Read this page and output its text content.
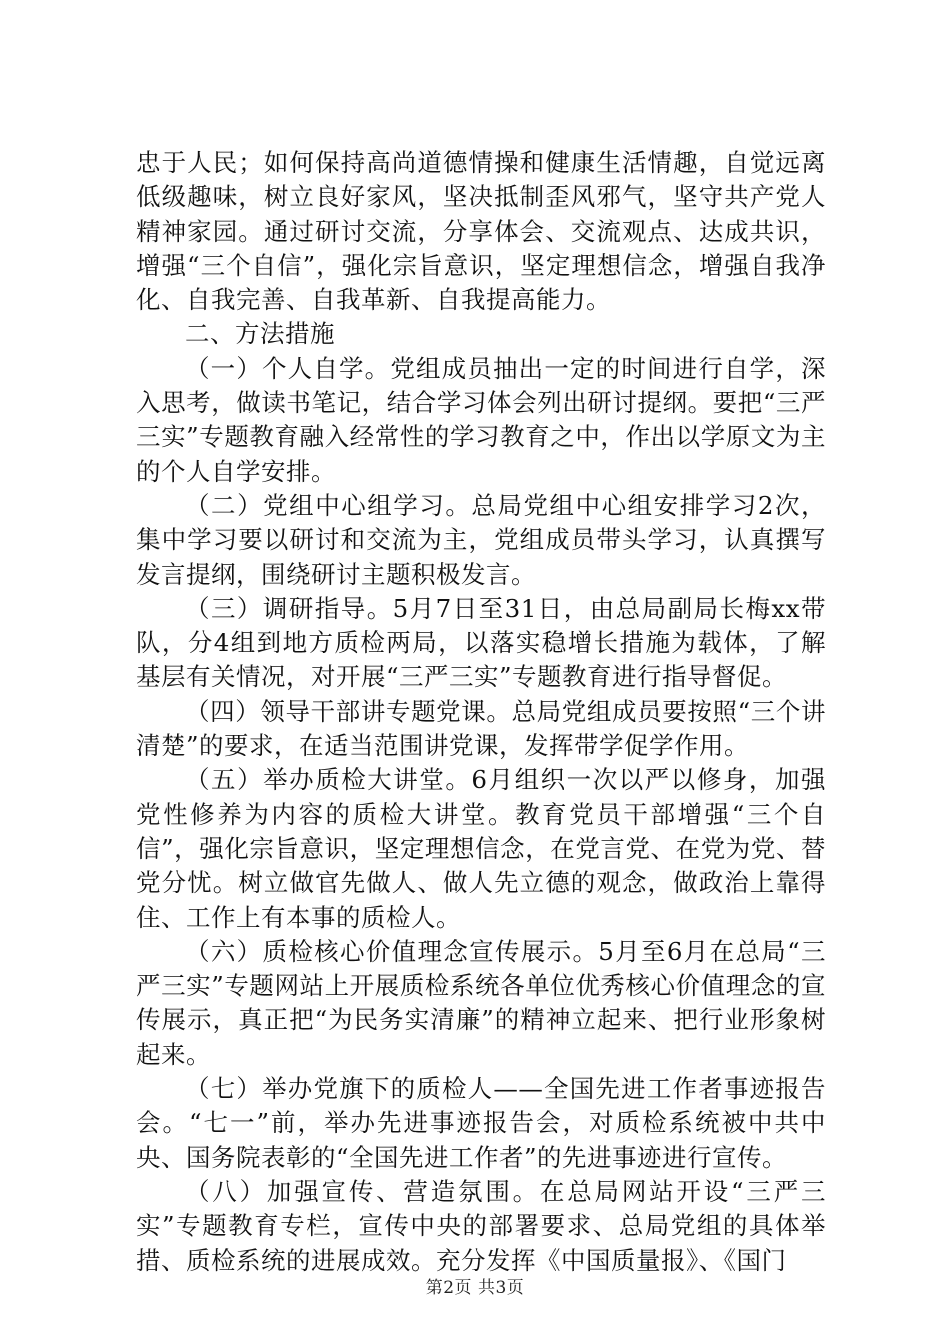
忠于人民；如何保持高尚道德情操和健康生活情趣，自觉远离低级趣味，树立良好家风，坚决抵制歪风邪气，坚守共产党人精神家园。通过研讨交流，分享体会、交流观点、达成共识，增强“三个自信”，强化宗旨意识，坚定理想信念，增强自我净化、自我完善、自我革新、自我提高能力。

二、方法措施

（一）个人自学。党组成员抽出一定的时间进行自学，深入思考，做读书笔记，结合学习体会列出研讨提纲。要把“三严三实”专题教育融入经常性的学习教育之中，作出以学原文为主的个人自学安排。

（二）党组中心组学习。总局党组中心组安排学习2次，集中学习要以研讨和交流为主，党组成员带头学习，认真撰写发言提纲，围绕研讨主题积极发言。

（三）调研指导。5月7日至31日，由总局副局长梅xx带队，分4组到地方质检两局，以落实稳增长措施为载体，了解基层有关情况，对开展“三严三实”专题教育进行指导督促。

（四）领导干部讲专题党课。总局党组成员要按照“三个讲清楚”的要求，在适当范围讲党课，发挥带学促学作用。

（五）举办质检大讲堂。6月组织一次以严以修身，加强党性修养为内容的质检大讲堂。教育党员干部增强“三个自信”，强化宗旨意识，坚定理想信念，在党言党、在党为党、替党分忧。树立做官先做人、做人先立德的观念，做政治上靠得住、工作上有本事的质检人。

（六）质检核心价值理念宣传展示。5月至6月在总局“三严三实”专题网站上开展质检系统各单位优秀核心价值理念的宣传展示，真正把“为民务实清廉”的精神立起来、把行业形象树起来。

（七）举办党旗下的质检人——全国先进工作者事迹报告会。“七一”前，举办先进事迹报告会，对质检系统被中共中央、国务院表彰的“全国先进工作者”的先进事迹进行宣传。

（八）加强宣传、营造氛围。在总局网站开设“三严三实”专题教育专栏，宣传中央的部署要求、总局党组的具体举措、质检系统的进展成效。充分发挥《中国质量报》、《国门

第2页 共3页
